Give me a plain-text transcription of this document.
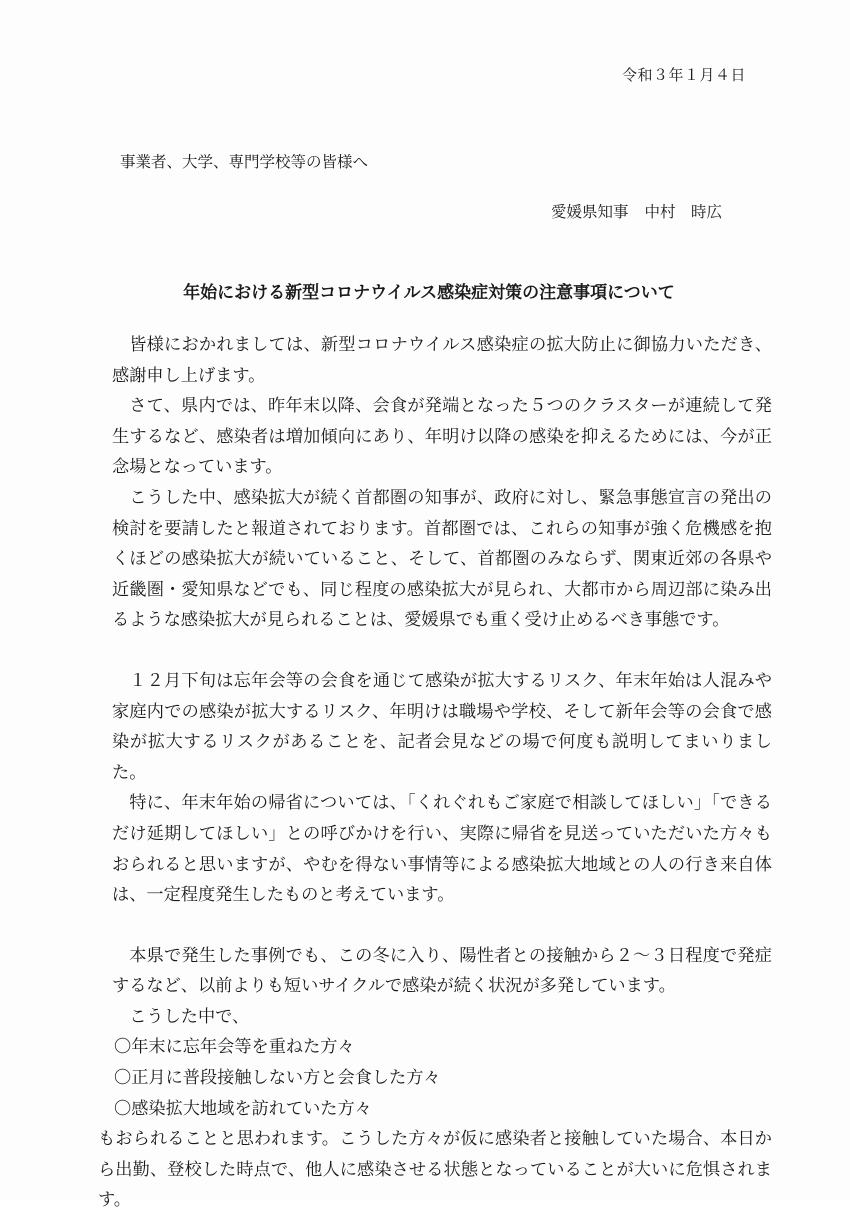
令和３年１月４日
事業者、大学、専門学校等の皆様へ
愛媛県知事 中村　時広
年始における新型コロナウイルス感染症対策の注意事項について

皆様におかれましては、新型コロナウイルス感染症の拡大防止に御協力いただき、感謝申し上げます。

さて、県内では、昨年末以降、会食が発端となった５つのクラスターが連続して発生するなど、感染者は増加傾向にあり、年明け以降の感染を抑えるためには、今が正念場となっています。

こうした中、感染拡大が続く首都圏の知事が、政府に対し、緊急事態宣言の発出の検討を要請したと報道されております。首都圏では、これらの知事が強く危機感を抱くほどの感染拡大が続いていること、そして、首都圏のみならず、関東近郊の各県や近畿圏・愛知県などでも、同じ程度の感染拡大が見られ、大都市から周辺部に染み出るような感染拡大が見られることは、愛媛県でも重く受け止めるべき事態です。

１２月下旬は忘年会等の会食を通じて感染が拡大するリスク、年末年始は人混みや家庭内での感染が拡大するリスク、年明けは職場や学校、そして新年会等の会食で感染が拡大するリスクがあることを、記者会見などの場で何度も説明してまいりました。

特に、年末年始の帰省については、「くれぐれもご家庭で相談してほしい」「できるだけ延期してほしい」との呼びかけを行い、実際に帰省を見送っていただいた方々もおられると思いますが、やむを得ない事情等による感染拡大地域との人の行き来自体は、一定程度発生したものと考えています。

本県で発生した事例でも、この冬に入り、陽性者との接触から２～３日程度で発症するなど、以前よりも短いサイクルで感染が続く状況が多発しています。

こうした中で、

〇年末に忘年会等を重ねた方々

〇正月に普段接触しない方と会食した方々

〇感染拡大地域を訪れていた方々

もおられることと思われます。こうした方々が仮に感染者と接触していた場合、本日から出勤、登校した時点で、他人に感染させる状態となっていることが大いに危惧されます。
